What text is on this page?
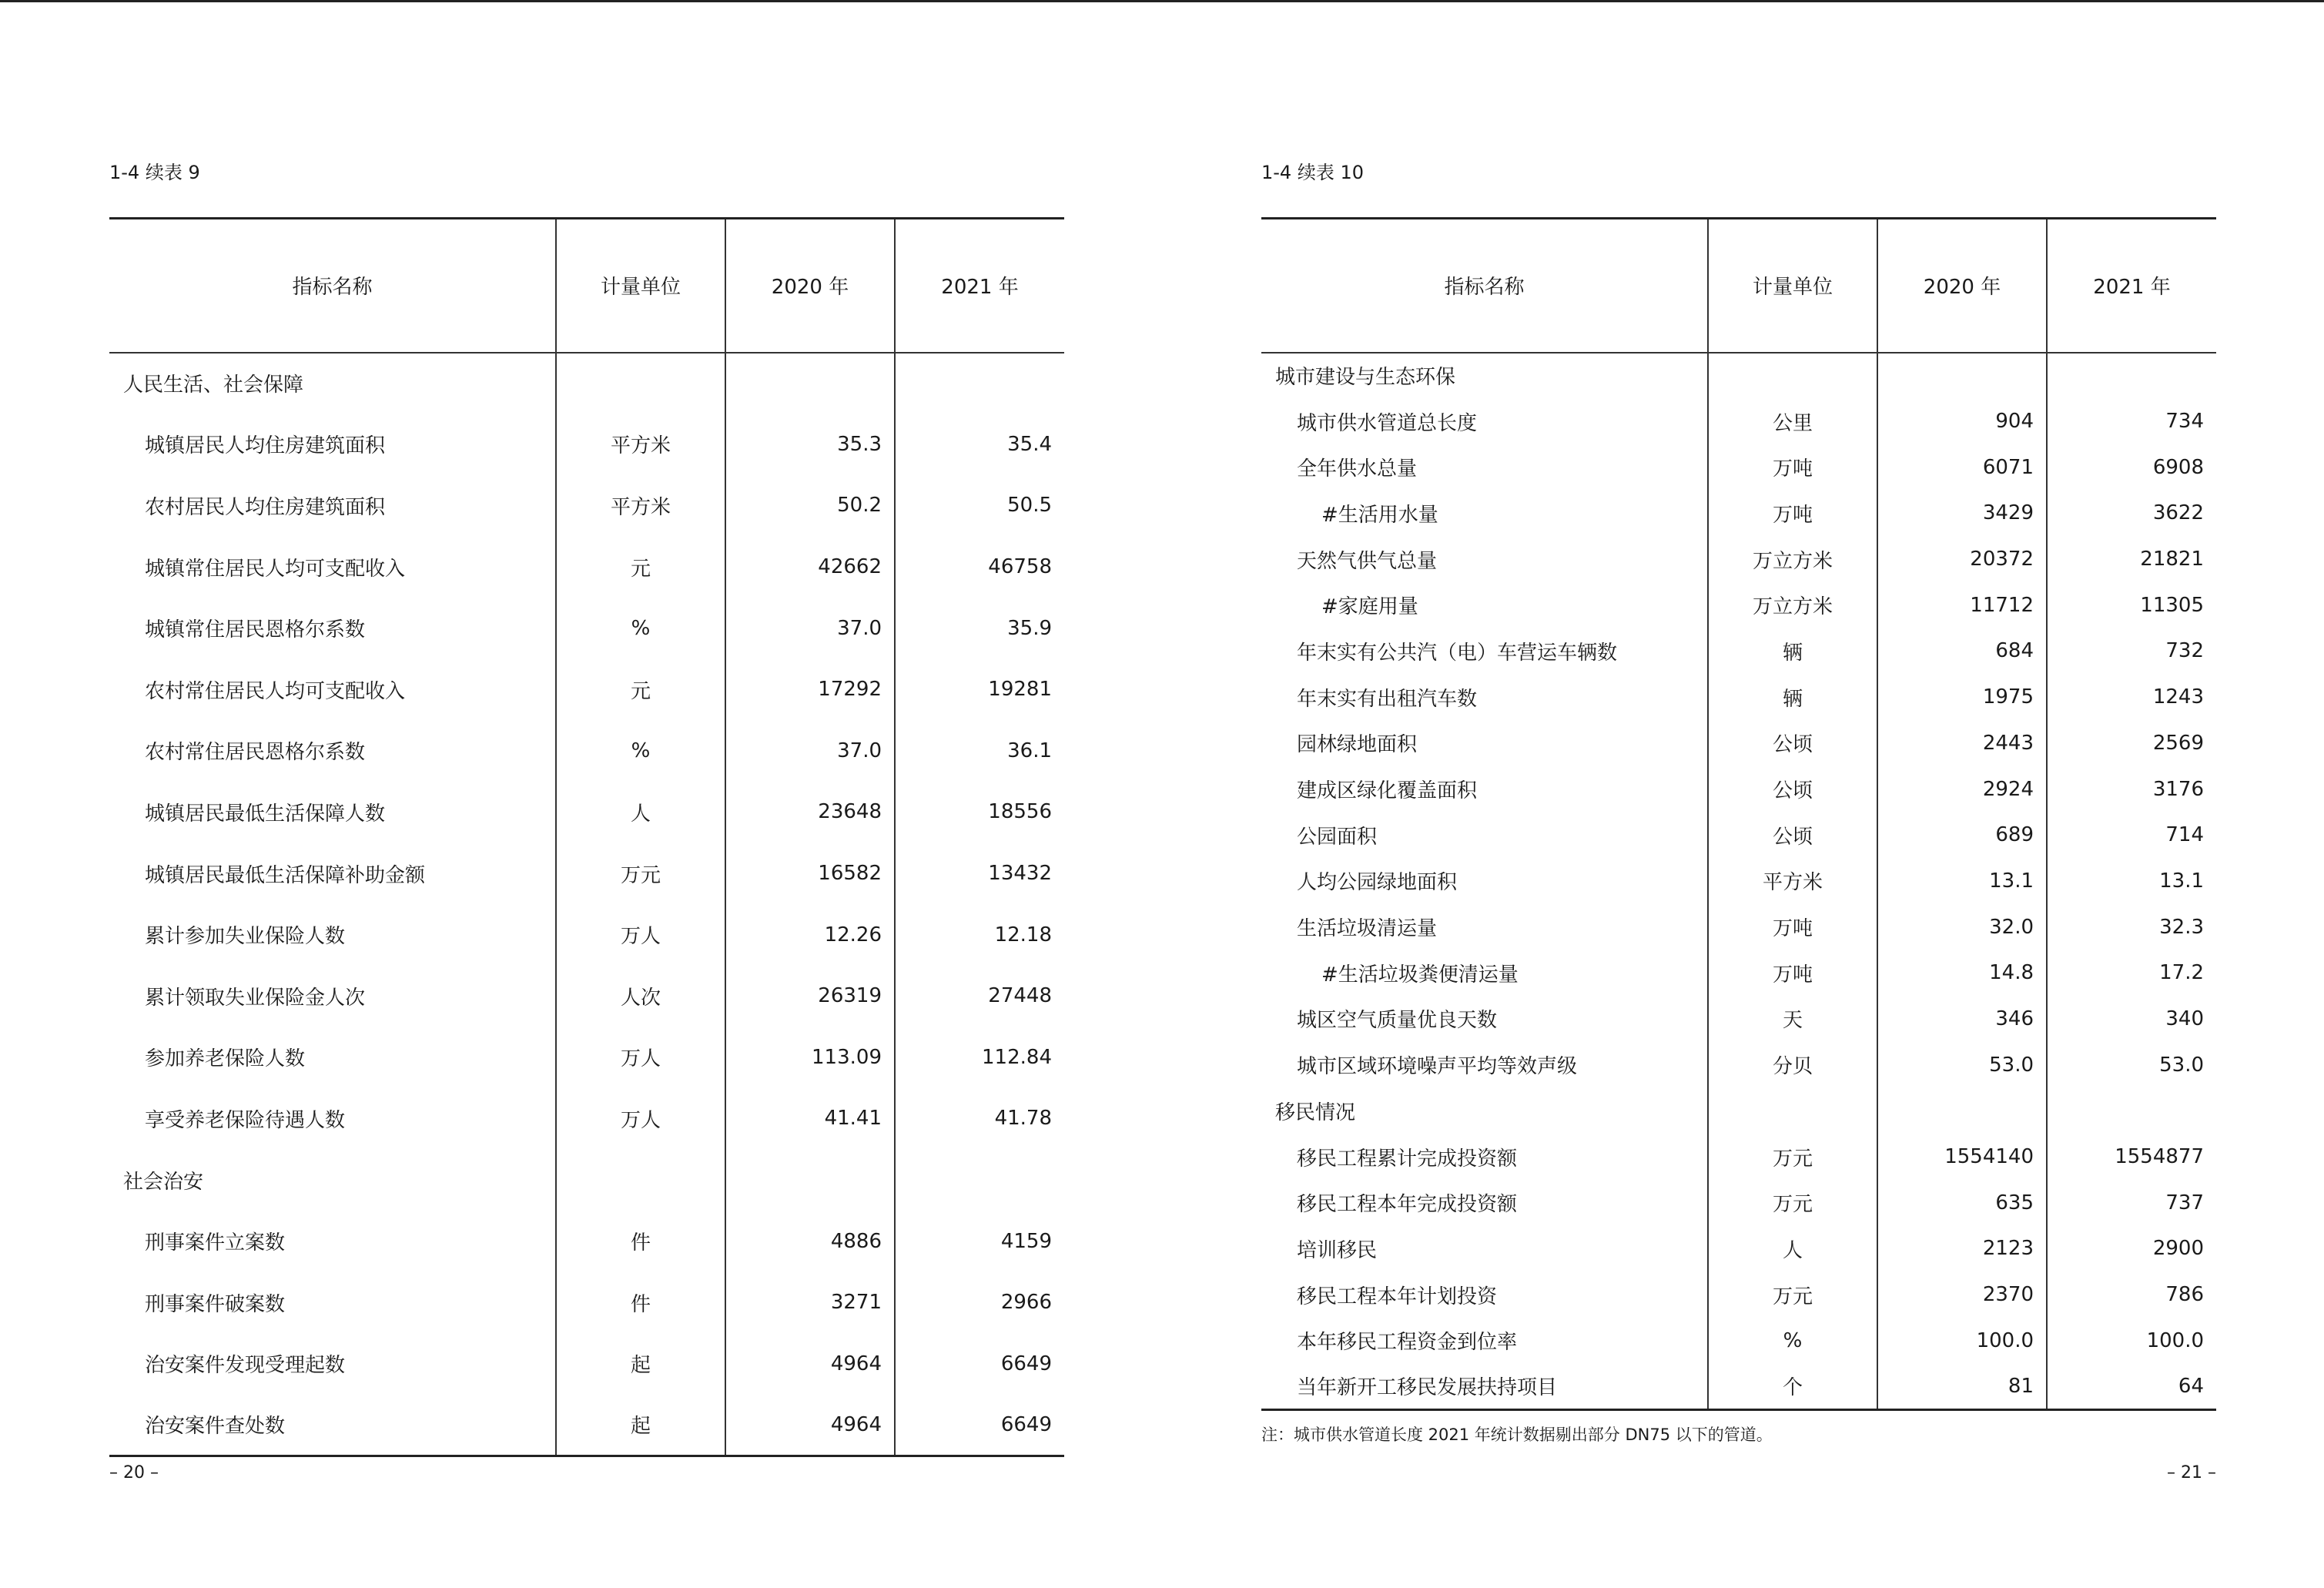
1-4 续表 9
指标名称	计量单位	2020 年	2021 年
人民生活、社会保障			
城镇居民人均住房建筑面积	平方米	35.3	35.4
农村居民人均住房建筑面积	平方米	50.2	50.5
城镇常住居民人均可支配收入	元	42662	46758
城镇常住居民恩格尔系数	%	37.0	35.9
农村常住居民人均可支配收入	元	17292	19281
农村常住居民恩格尔系数	%	37.0	36.1
城镇居民最低生活保障人数	人	23648	18556
城镇居民最低生活保障补助金额	万元	16582	13432
累计参加失业保险人数	万人	12.26	12.18
累计领取失业保险金人次	人次	26319	27448
参加养老保险人数	万人	113.09	112.84
享受养老保险待遇人数	万人	41.41	41.78
社会治安			
刑事案件立案数	件	4886	4159
刑事案件破案数	件	3271	2966
治安案件发现受理起数	起	4964	6649
治安案件查处数	起	4964	6649
– 20 –
1-4 续表 10
指标名称	计量单位	2020 年	2021 年
城市建设与生态环保			
城市供水管道总长度	公里	904	734
全年供水总量	万吨	6071	6908
#生活用水量	万吨	3429	3622
天然气供气总量	万立方米	20372	21821
#家庭用量	万立方米	11712	11305
年末实有公共汽（电）车营运车辆数	辆	684	732
年末实有出租汽车数	辆	1975	1243
园林绿地面积	公顷	2443	2569
建成区绿化覆盖面积	公顷	2924	3176
公园面积	公顷	689	714
人均公园绿地面积	平方米	13.1	13.1
生活垃圾清运量	万吨	32.0	32.3
#生活垃圾粪便清运量	万吨	14.8	17.2
城区空气质量优良天数	天	346	340
城市区域环境噪声平均等效声级	分贝	53.0	53.0
移民情况			
移民工程累计完成投资额	万元	1554140	1554877
移民工程本年完成投资额	万元	635	737
培训移民	人	2123	2900
移民工程本年计划投资	万元	2370	786
本年移民工程资金到位率	%	100.0	100.0
当年新开工移民发展扶持项目	个	81	64
注：城市供水管道长度 2021 年统计数据剔出部分 DN75 以下的管道。
– 21 –
